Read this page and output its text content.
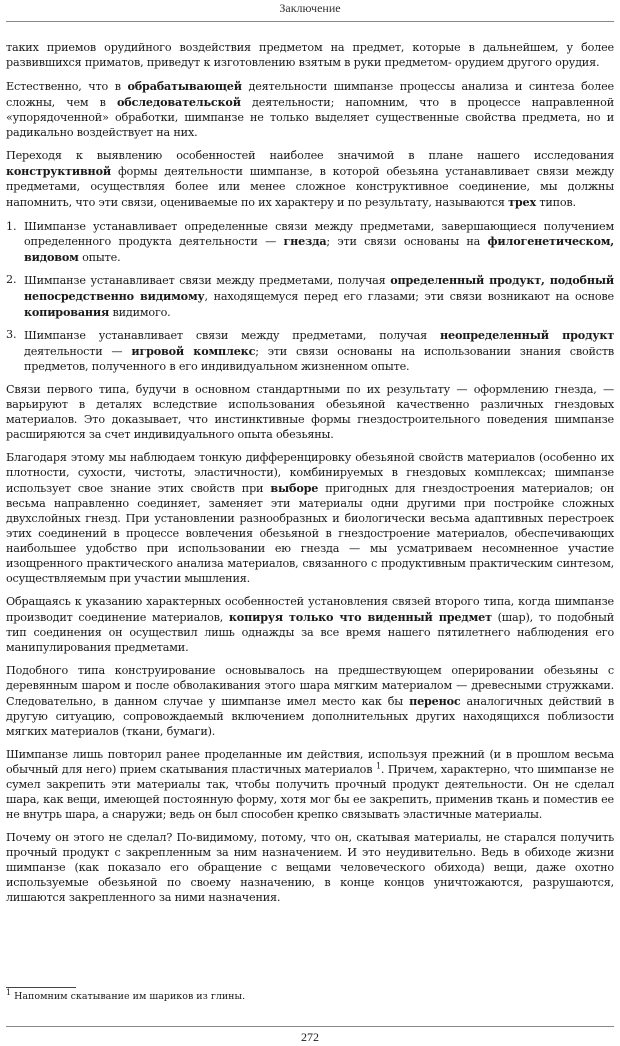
Заключение

таких приемов орудийного воздействия предметом на предмет, которые в дальнейшем, у более развившихся приматов, приведут к изготовлению взятым в руки предметом- орудием другого орудия.

Естественно, что в обрабатывающей деятельности шимпанзе процессы анализа и синтеза более сложны, чем в обследовательской деятельности; напомним, что в процессе направленной «упорядоченной» обработки, шимпанзе не только выделяет существенные свойства предмета, но и радикально воздействует на них.

Переходя к выявлению особенностей наиболее значимой в плане нашего исследования конструктивной формы деятельности шимпанзе, в которой обезьяна устанавливает связи между предметами, осуществляя более или менее сложное конструктивное соединение, мы должны напомнить, что эти связи, оцениваемые по их характеру и по результату, называются трех типов.

1. Шимпанзе устанавливает определенные связи между предметами, завершающиеся получением определенного продукта деятельности — гнезда; эти связи основаны на филогенетическом, видовом опыте.
2. Шимпанзе устанавливает связи между предметами, получая определенный продукт, подобный непосредственно видимому, находящемуся перед его глазами; эти связи возникают на основе копирования видимого.
3. Шимпанзе устанавливает связи между предметами, получая неопределенный продукт деятельности — игровой комплекс; эти связи основаны на использовании знания свойств предметов, полученного в его индивидуальном жизненном опыте.

Связи первого типа, будучи в основном стандартными по их результату — оформлению гнезда, — варьируют в деталях вследствие использования обезьяной качественно различных гнездовых материалов. Это доказывает, что инстинктивные формы гнездостроительного поведения шимпанзе расширяются за счет индивидуального опыта обезьяны.

Благодаря этому мы наблюдаем тонкую дифференцировку обезьяной свойств материалов (особенно их плотности, сухости, чистоты, эластичности), комбинируемых в гнездовых комплексах; шимпанзе использует свое знание этих свойств при выборе пригодных для гнездостроения материалов; он весьма направленно соединяет, заменяет эти материалы одни другими при постройке сложных двухслойных гнезд. При установлении разнообразных и биологически весьма адаптивных перестроек этих соединений в процессе вовлечения обезьяной в гнездостроение материалов, обеспечивающих наибольшее удобство при использовании ею гнезда — мы усматриваем несомненное участие изощренного практического анализа материалов, связанного с продуктивным практическим синтезом, осуществляемым при участии мышления.

Обращаясь к указанию характерных особенностей установления связей второго типа, когда шимпанзе производит соединение материалов, копируя только что виденный предмет (шар), то подобный тип соединения он осуществил лишь однажды за все время нашего пятилетнего наблюдения его манипулирования предметами.

Подобного типа конструирование основывалось на предшествующем оперировании обезьяны с деревянным шаром и после обволакивания этого шара мягким материалом — древесными стружками. Следовательно, в данном случае у шимпанзе имел место как бы перенос аналогичных действий в другую ситуацию, сопровождаемый включением дополнительных других находящихся поблизости мягких материалов (ткани, бумаги).

Шимпанзе лишь повторил ранее проделанные им действия, используя прежний (и в прошлом весьма обычный для него) прием скатывания пластичных материалов $^1$. Причем, характерно, что шимпанзе не сумел закрепить эти материалы так, чтобы получить прочный продукт деятельности. Он не сделал шара, как вещи, имеющей постоянную форму, хотя мог бы ее закрепить, применив ткань и поместив ее не внутрь шара, а снаружи; ведь он был способен крепко связывать эластичные материалы.

Почему он этого не сделал? По-видимому, потому, что он, скатывая материалы, не старался получить прочный продукт с закрепленным за ним назначением. И это неудивительно. Ведь в обиходе жизни шимпанзе (как показало его обращение с вещами человеческого обихода) вещи, даже охотно используемые обезьяной по своему назначению, в конце концов уничтожаются, разрушаются, лишаются закрепленного за ними назначения.

$^1$ Напомним скатывание им шариков из глины.
272
